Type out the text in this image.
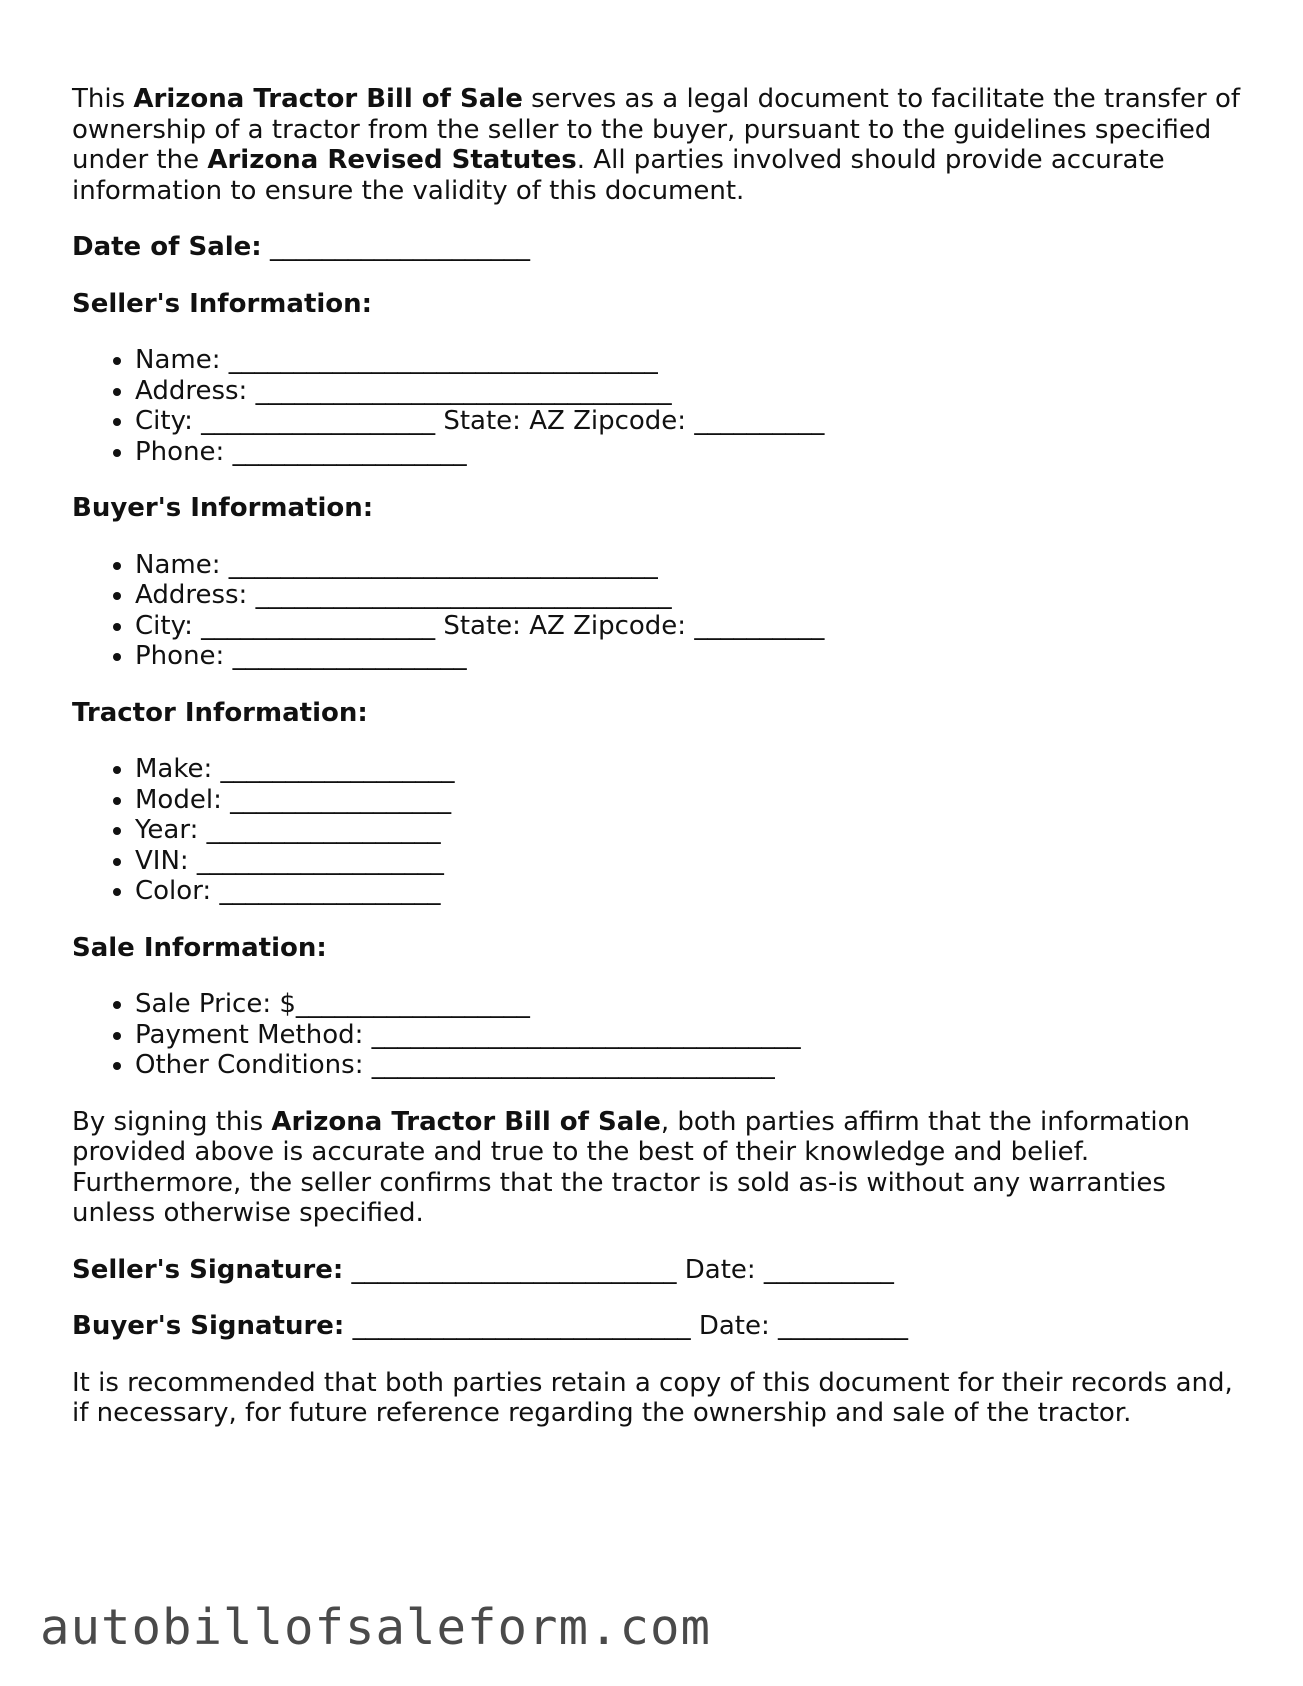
This Arizona Tractor Bill of Sale serves as a legal document to facilitate the transfer of ownership of a tractor from the seller to the buyer, pursuant to the guidelines specified under the Arizona Revised Statutes. All parties involved should provide accurate information to ensure the validity of this document.

Date of Sale: ____________________

Seller's Information:
• Name: _________________________________
• Address: ________________________________
• City: __________________ State: AZ Zipcode: __________
• Phone: __________________
Buyer's Information:
• Name: _________________________________
• Address: ________________________________
• City: __________________ State: AZ Zipcode: __________
• Phone: __________________
Tractor Information:
• Make: __________________
• Model: _________________
• Year: __________________
• VIN: ___________________
• Color: _________________
Sale Information:
• Sale Price: $__________________
• Payment Method: _________________________________
• Other Conditions: _______________________________

By signing this Arizona Tractor Bill of Sale, both parties affirm that the information provided above is accurate and true to the best of their knowledge and belief. Furthermore, the seller confirms that the tractor is sold as-is without any warranties unless otherwise specified.

Seller's Signature: _________________________ Date: __________

Buyer's Signature: __________________________ Date: __________

It is recommended that both parties retain a copy of this document for their records and, if necessary, for future reference regarding the ownership and sale of the tractor.

autobillofsaleform.com
